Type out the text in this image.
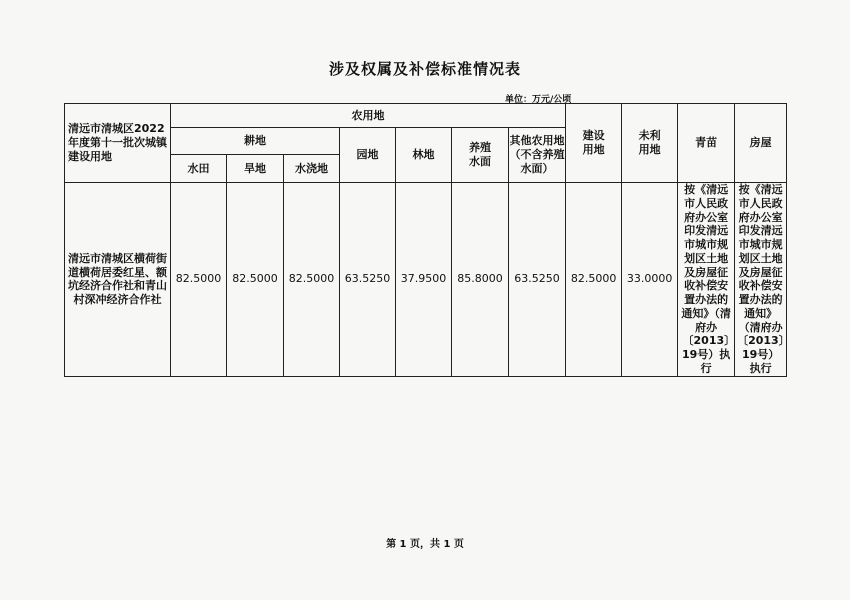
涉及权属及补偿标准情况表
单位：万元/公顷
清远市清城区2022年度第十一批次城镇建设用地	农用地							建设用地	未利用地	青苗	房屋
	耕地			园地	林地	养殖水面	其他农用地（不含养殖水面）				
	水田	旱地	水浇地								
清远市清城区横荷街道横荷居委红星、额坑经济合作社和青山村深冲经济合作社	82.5000	82.5000	82.5000	63.5250	37.9500	85.8000	63.5250	82.5000	33.0000	按《清远市人民政府办公室印发清远市城市规划区土地及房屋征收补偿安置办法的通知》（清府办〔2013〕19号）执行	按《清远市人民政府办公室印发清远市城市规划区土地及房屋征收补偿安置办法的通知》（清府办〔2013〕19号）执行
第 1 页，共 1 页
